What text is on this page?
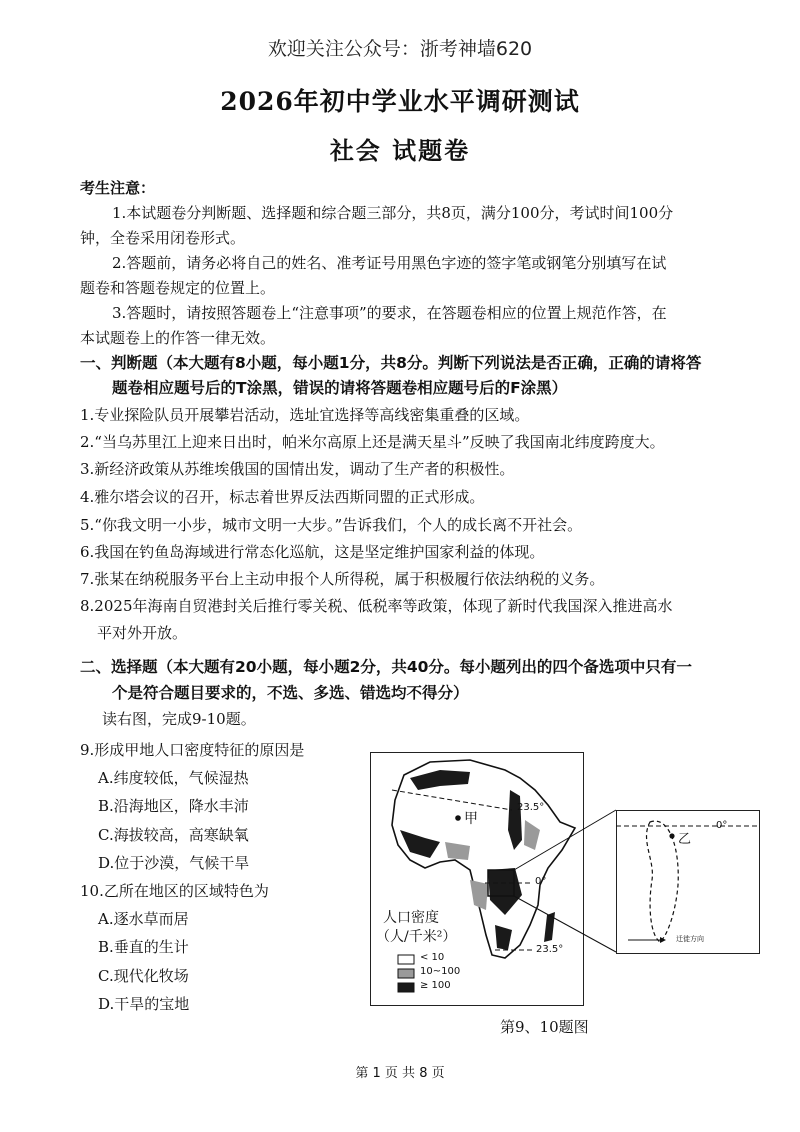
欢迎关注公众号：浙考神墙620
2026年初中学业水平调研测试
社会 试题卷
考生注意：
1.本试题卷分判断题、选择题和综合题三部分，共8页，满分100分，考试时间100分
钟，全卷采用闭卷形式。
2.答题前，请务必将自己的姓名、准考证号用黑色字迹的签字笔或钢笔分别填写在试
题卷和答题卷规定的位置上。
3.答题时，请按照答题卷上“注意事项”的要求，在答题卷相应的位置上规范作答，在
本试题卷上的作答一律无效。
一、判断题（本大题有8小题，每小题1分，共8分。判断下列说法是否正确，正确的请将答
题卷相应题号后的T涂黑，错误的请将答题卷相应题号后的F涂黑）
1.专业探险队员开展攀岩活动，选址宜选择等高线密集重叠的区域。
2.“当乌苏里江上迎来日出时，帕米尔高原上还是满天星斗”反映了我国南北纬度跨度大。
3.新经济政策从苏维埃俄国的国情出发，调动了生产者的积极性。
4.雅尔塔会议的召开，标志着世界反法西斯同盟的正式形成。
5.“你我文明一小步，城市文明一大步。”告诉我们，个人的成长离不开社会。
6.我国在钓鱼岛海域进行常态化巡航，这是坚定维护国家利益的体现。
7.张某在纳税服务平台上主动申报个人所得税，属于积极履行依法纳税的义务。
8.2025年海南自贸港封关后推行零关税、低税率等政策，体现了新时代我国深入推进高水
平对外开放。
二、选择题（本大题有20小题，每小题2分，共40分。每小题列出的四个备选项中只有一
个是符合题目要求的，不选、多选、错选均不得分）
读右图，完成9-10题。
9.形成甲地人口密度特征的原因是
A.纬度较低，气候湿热
B.沿海地区，降水丰沛
C.海拔较高，高寒缺氧
D.位于沙漠，气候干旱
10.乙所在地区的区域特色为
A.逐水草而居
B.垂直的生计
C.现代化牧场
D.干旱的宝地
甲
乙
23.5°
0°
23.5°
0°
迁徙方向
人口密度
（人/千米²）
< 10
10~100
≥ 100
第9、10题图
第 1 页 共 8 页
